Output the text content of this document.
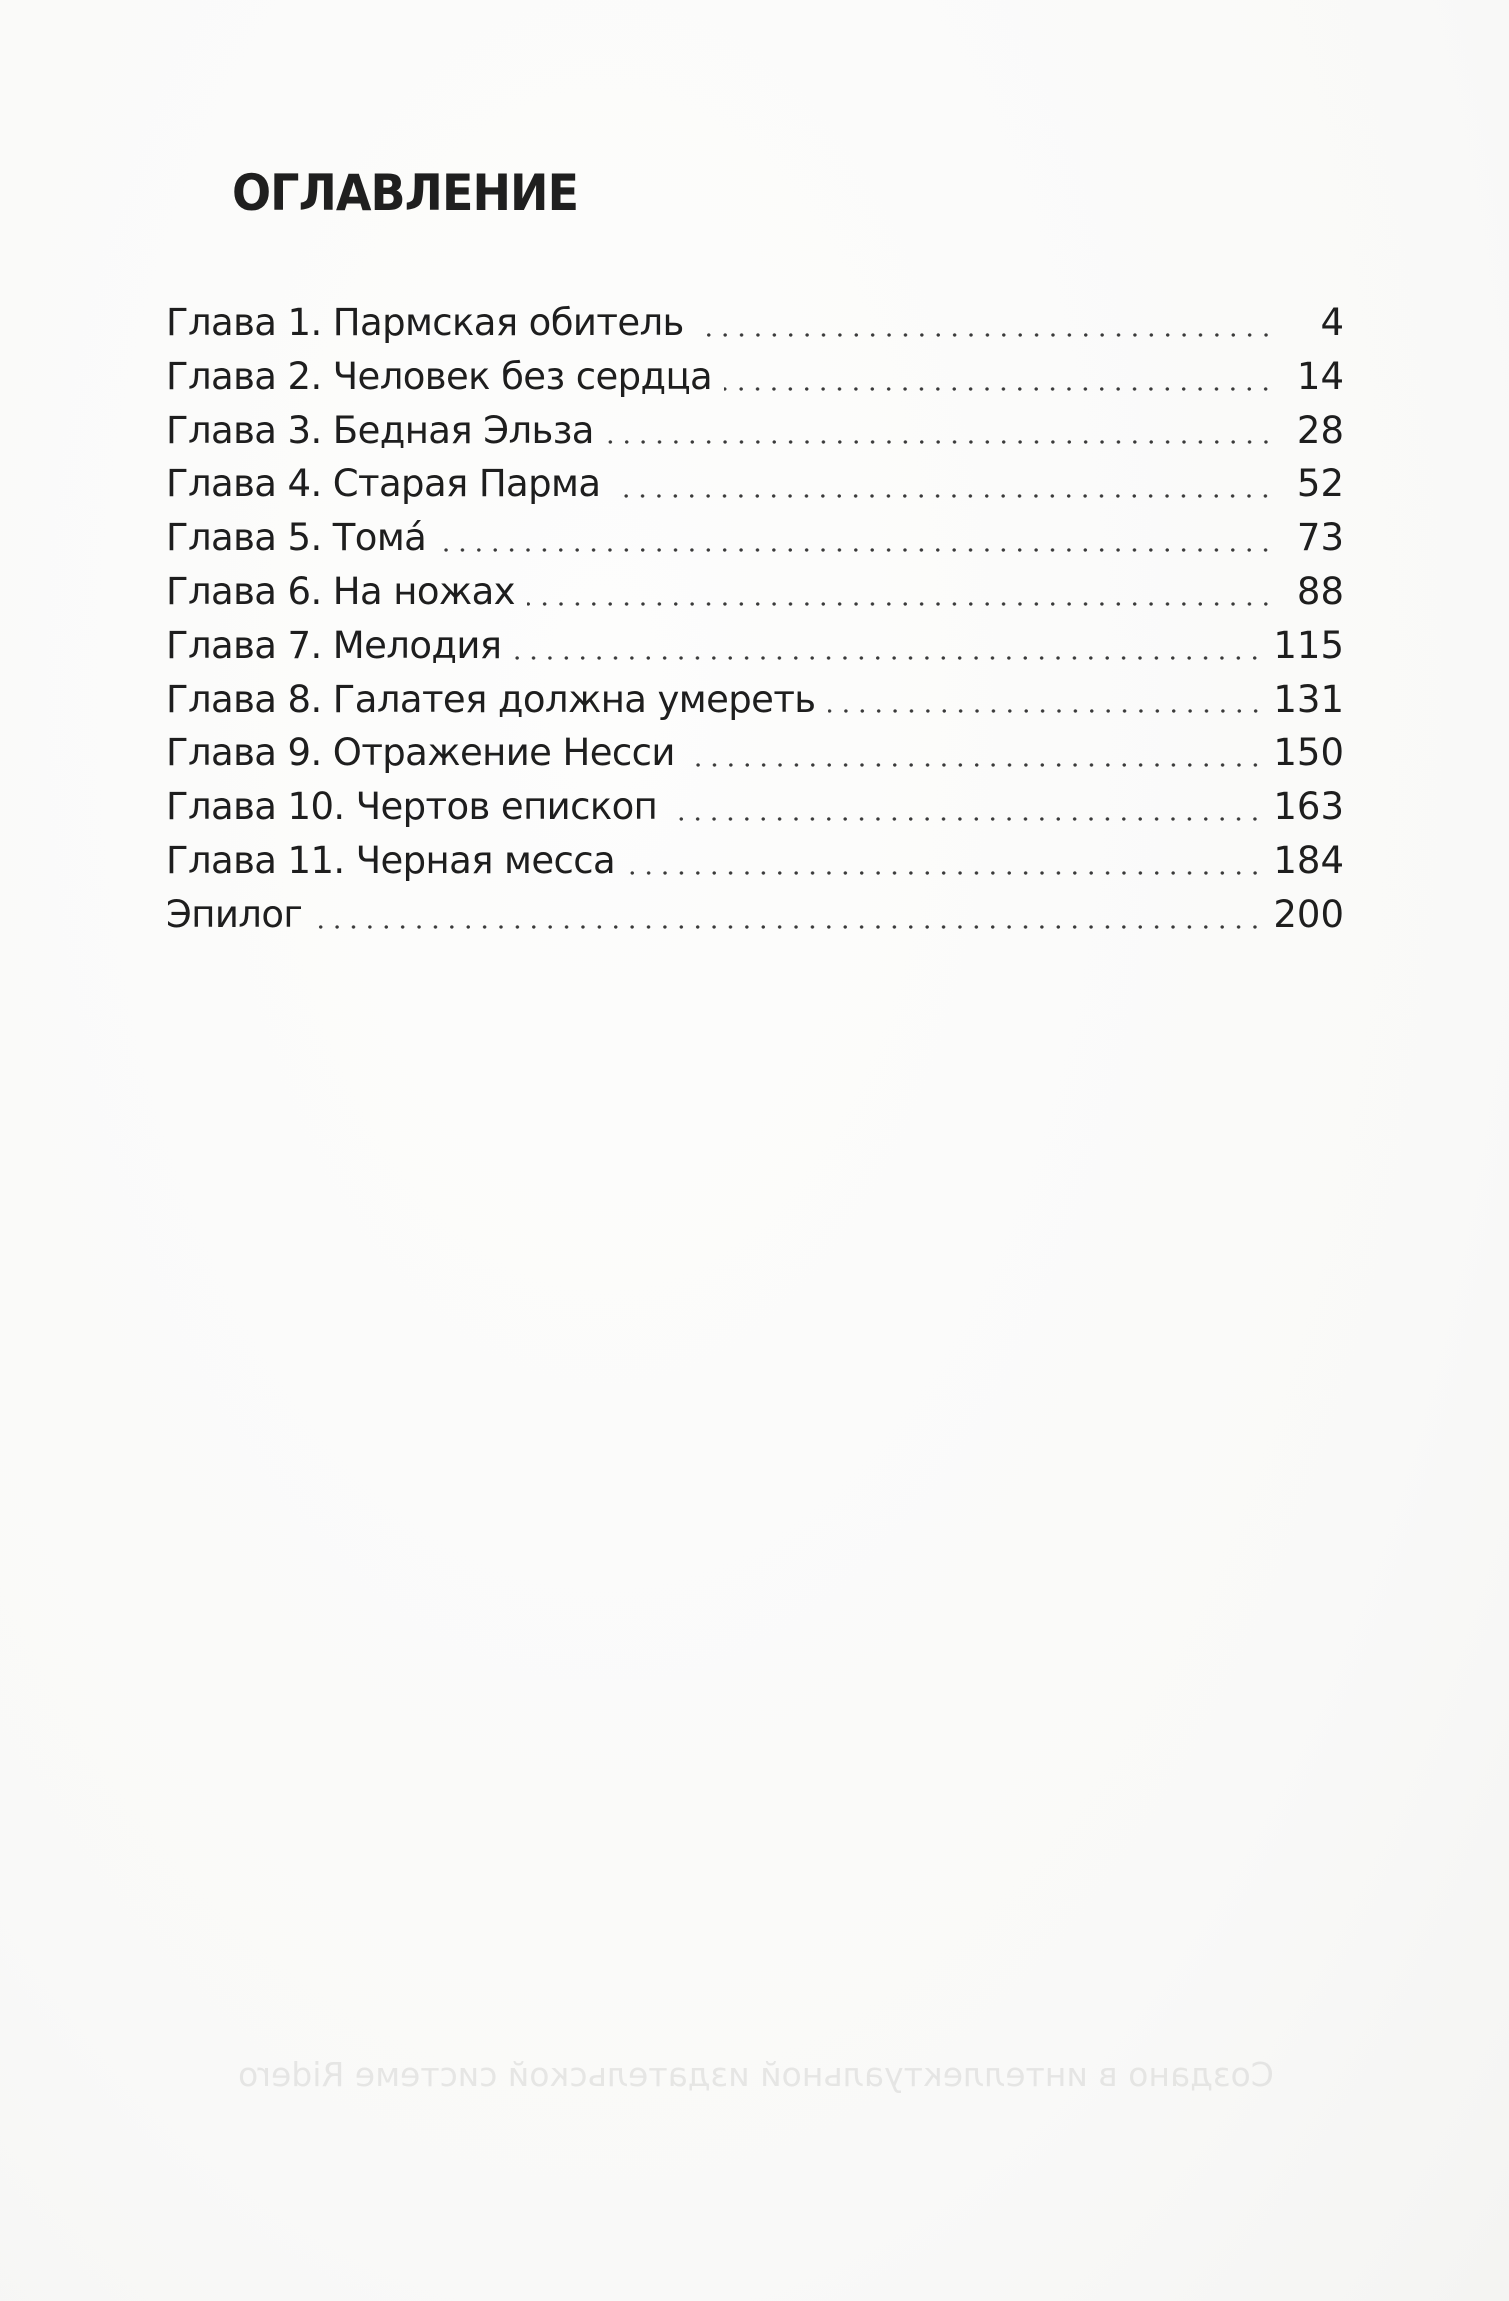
ОГЛАВЛЕНИЕ
Глава 1. Пармская обитель	4
Глава 2. Человек без сердца	14
Глава 3. Бедная Эльза	28
Глава 4. Старая Парма	52
Глава 5. Томá	73
Глава 6. На ножах	88
Глава 7. Мелодия	115
Глава 8. Галатея должна умереть	131
Глава 9. Отражение Несси	150
Глава 10. Чертов епископ	163
Глава 11. Черная месса	184
Эпилог	200
Создано в интеллектуальной издательской системе Ridero
